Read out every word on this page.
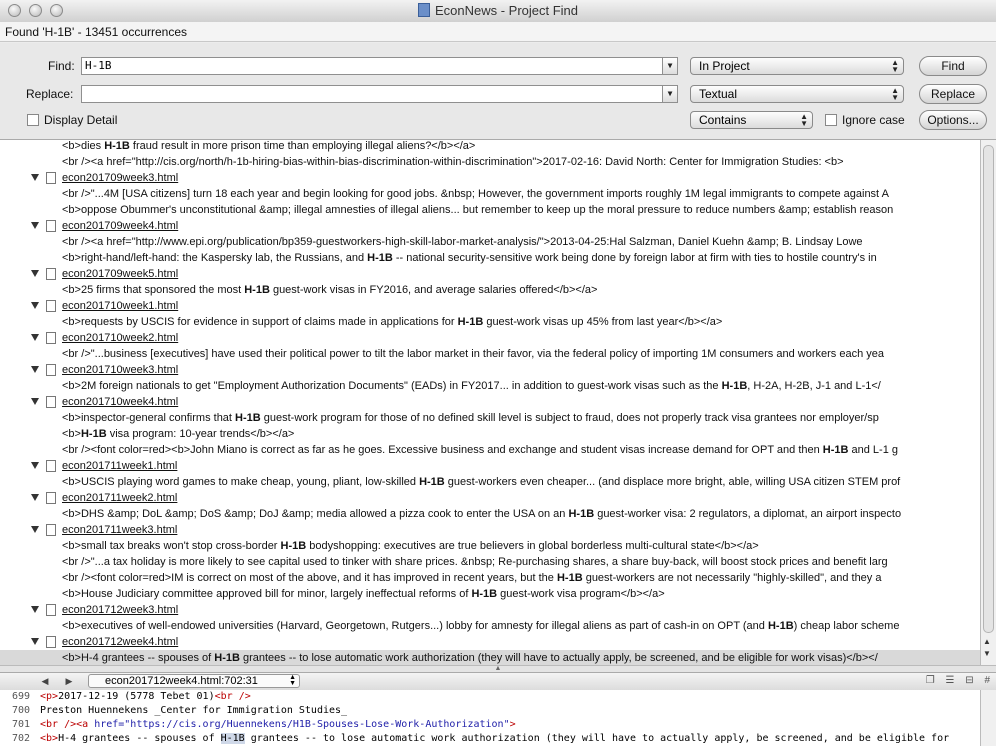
EconNews - Project Find
Found 'H-1B' - 13451 occurrences
Find: H-1B	▼
Replace:	▼
In Project	▲
▼
Textual	▲
▼
Contains	▲
▼
Find
Replace
Options...
Display Detail	Ignore case
<b>dies H-1B fraud result in more prison time than employing illegal aliens?</b></a>
<br /><a href="http://cis.org/north/h-1b-hiring-bias-within-bias-discrimination-within-discrimination">2017-02-16: David North: Center for Immigration Studies: <b>
econ201709week3.html
<br />"...4M [USA citizens] turn 18 each year and begin looking for good jobs. &nbsp; However, the government imports roughly 1M legal immigrants to compete against A
<b>oppose Obummer's unconstitutional &amp; illegal amnesties of illegal aliens... but remember to keep up the moral pressure to reduce numbers &amp; establish reason
econ201709week4.html
<br /><a href="http://www.epi.org/publication/bp359-guestworkers-high-skill-labor-market-analysis/">2013-04-25:Hal Salzman, Daniel Kuehn &amp; B. Lindsay Lowe
<b>right-hand/left-hand: the Kaspersky lab, the Russians, and H-1B -- national security-sensitive work being done by foreign labor at firm with ties to hostile country's in
econ201709week5.html
<b>25 firms that sponsored the most H-1B guest-work visas in FY2016, and average salaries offered</b></a>
econ201710week1.html
<b>requests by USCIS for evidence in support of claims made in applications for H-1B guest-work visas up 45% from last year</b></a>
econ201710week2.html
<br />"...business [executives] have used their political power to tilt the labor market in their favor, via the federal policy of importing 1M consumers and workers each yea
econ201710week3.html
<b>2M foreign nationals to get "Employment Authorization Documents" (EADs) in FY2017... in addition to guest-work visas such as the H-1B, H-2A, H-2B, J-1 and L-1</
econ201710week4.html
<b>inspector-general confirms that H-1B guest-work program for those of no defined skill level is subject to fraud, does not properly track visa grantees nor employer/sp
<b>H-1B visa program: 10-year trends</b></a>
<br /><font color=red><b>John Miano is correct as far as he goes. Excessive business and exchange and student visas increase demand for OPT and then H-1B and L-1 g
econ201711week1.html
<b>USCIS playing word games to make cheap, young, pliant, low-skilled H-1B guest-workers even cheaper... (and displace more bright, able, willing USA citizen STEM prof
econ201711week2.html
<b>DHS &amp; DoL &amp; DoS &amp; DoJ &amp; media allowed a pizza cook to enter the USA on an H-1B guest-worker visa: 2 regulators, a diplomat, an airport inspecto
econ201711week3.html
<b>small tax breaks won't stop cross-border H-1B bodyshopping: executives are true believers in global borderless multi-cultural state</b></a>
<br />"...a tax holiday is more likely to see capital used to tinker with share prices. &nbsp; Re-purchasing shares, a share buy-back, will boost stock prices and benefit larg
<br /><font color=red>IM is correct on most of the above, and it has improved in recent years, but the H-1B guest-workers are not necessarily "highly-skilled", and they a
<b>House Judiciary committee approved bill for minor, largely ineffectual reforms of H-1B guest-work visa program</b></a>
econ201712week3.html
<b>executives of well-endowed universities (Harvard, Georgetown, Rutgers...) lobby for amnesty for illegal aliens as part of cash-in on OPT (and H-1B) cheap labor scheme
econ201712week4.html
<b>H-4 grantees -- spouses of H-1B grantees -- to lose automatic work authorization (they will have to actually apply, be screened, and be eligible for work visas)</b></
▲
▼
▲
◀	▶	econ201712week4.html:702:31	▲
▼	❐ ☰ ⊟ #
699 <p>2017-12-19 (5778 Tebet 01)<br />
700 Preston Huennekens _Center for Immigration Studies_
701 <br /><a href="https://cis.org/Huennekens/H1B-Spouses-Lose-Work-Authorization">
702 <b>H-4 grantees -- spouses of H-1B grantees -- to lose automatic work authorization (they will have to actually apply, be screened, and be eligible for
